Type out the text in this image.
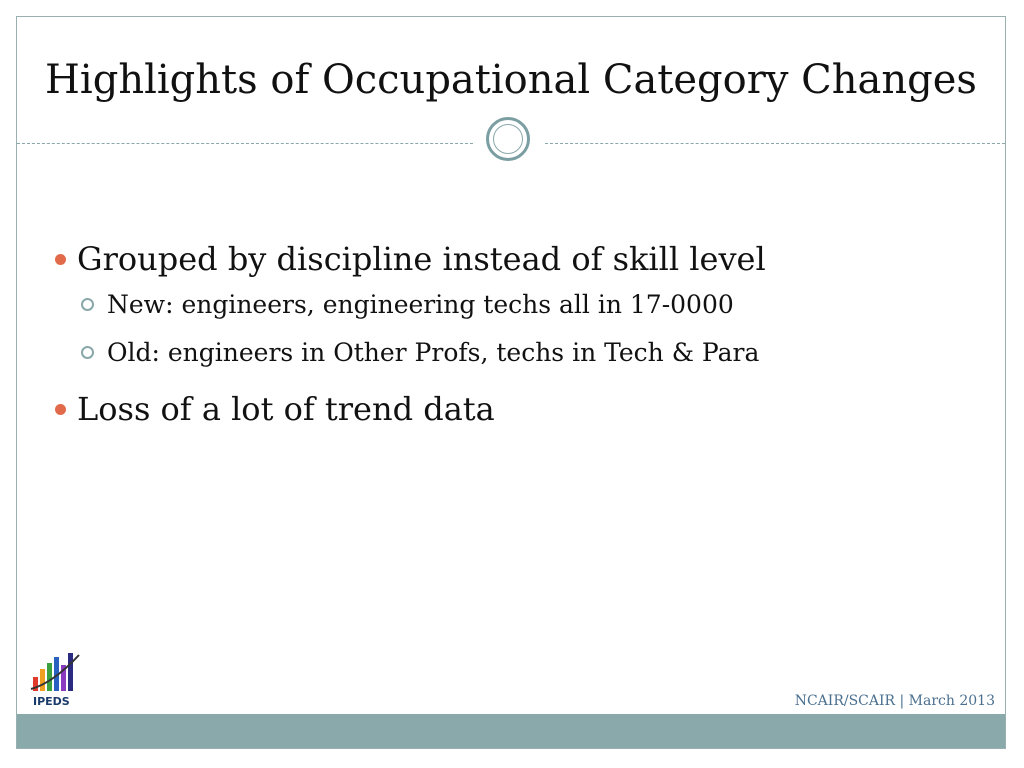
Highlights of Occupational Category Changes
Grouped by discipline instead of skill level
New: engineers, engineering techs all in 17-0000
Old: engineers in Other Profs, techs in Tech & Para
Loss of a lot of trend data
IPEDS	NCAIR/SCAIR | March 2013
